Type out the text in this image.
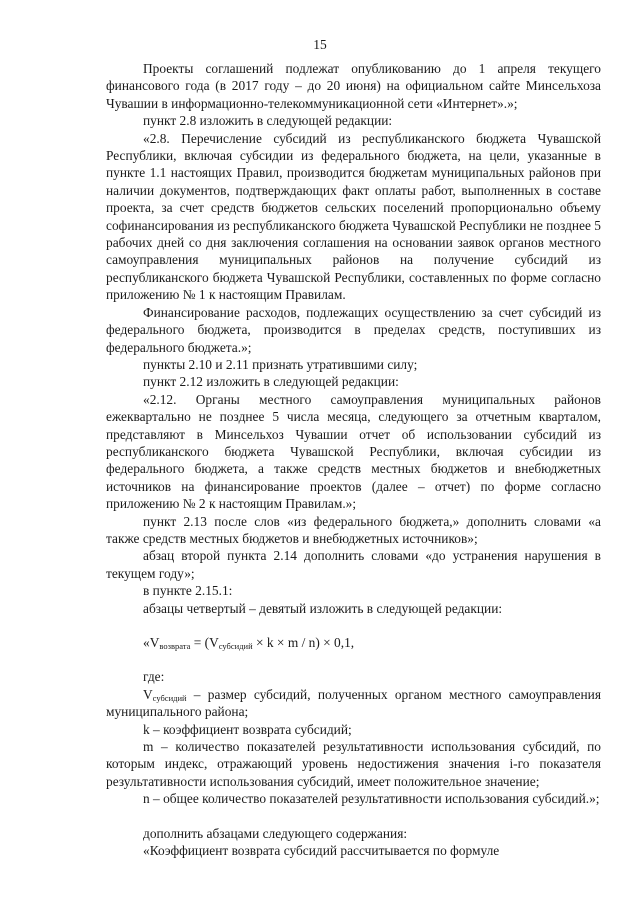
15

Проекты соглашений подлежат опубликованию до 1 апреля текущего финансового года (в 2017 году – до 20 июня) на официальном сайте Минсельхоза Чувашии в информационно-телекоммуникационной сети «Интернет».»;

пункт 2.8 изложить в следующей редакции:

«2.8. Перечисление субсидий из республиканского бюджета Чувашской Республики, включая субсидии из федерального бюджета, на цели, указанные в пункте 1.1 настоящих Правил, производится бюджетам муниципальных районов при наличии документов, подтверждающих факт оплаты работ, выполненных в составе проекта, за счет средств бюджетов сельских поселений пропорционально объему софинансирования из республиканского бюджета Чувашской Республики не позднее 5 рабочих дней со дня заключения соглашения на основании заявок органов местного самоуправления муниципальных районов на получение субсидий из республиканского бюджета Чувашской Республики, составленных по форме согласно приложению № 1 к настоящим Правилам.

Финансирование расходов, подлежащих осуществлению за счет субсидий из федерального бюджета, производится в пределах средств, поступивших из федерального бюджета.»;

пункты 2.10 и 2.11 признать утратившими силу;

пункт 2.12 изложить в следующей редакции:

«2.12. Органы местного самоуправления муниципальных районов ежеквартально не позднее 5 числа месяца, следующего за отчетным кварталом, представляют в Минсельхоз Чувашии отчет об использовании субсидий из республиканского бюджета Чувашской Республики, включая субсидии из федерального бюджета, а также средств местных бюджетов и внебюджетных источников на финансирование проектов (далее – отчет) по форме согласно приложению № 2 к настоящим Правилам.»;

пункт 2.13 после слов «из федерального бюджета,» дополнить словами «а также средств местных бюджетов и внебюджетных источников»;

абзац второй пункта 2.14 дополнить словами «до устранения нарушения в текущем году»;

в пункте 2.15.1:

абзацы четвертый – девятый изложить в следующей редакции:

«$V_{возврата} = (V_{субсидий} \times k \times m / n) \times 0,1$,

где:

$V_{субсидий}$ – размер субсидий, полученных органом местного самоуправления муниципального района;

k – коэффициент возврата субсидий;

m – количество показателей результативности использования субсидий, по которым индекс, отражающий уровень недостижения значения i-го показателя результативности использования субсидий, имеет положительное значение;

n – общее количество показателей результативности использования субсидий.»;

дополнить абзацами следующего содержания:

«Коэффициент возврата субсидий рассчитывается по формуле
